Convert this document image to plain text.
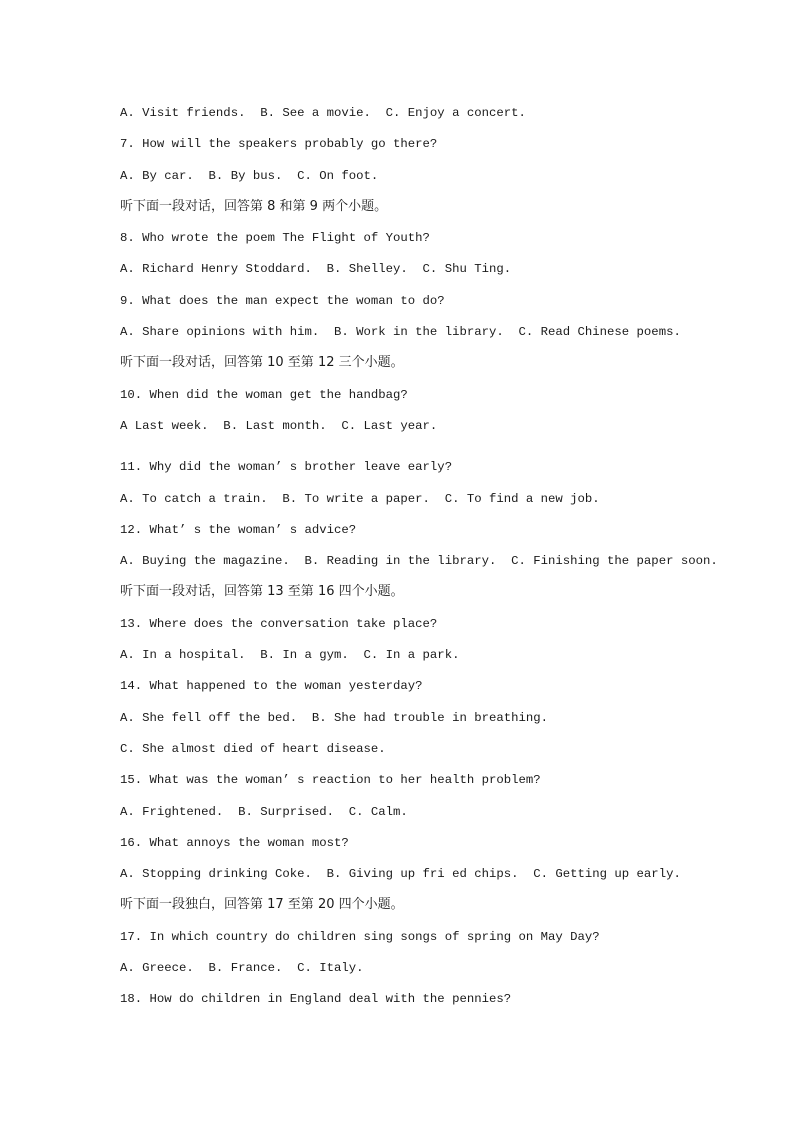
A. Visit friends.  B. See a movie.  C. Enjoy a concert.
7. How will the speakers probably go there?
A. By car.  B. By bus.  C. On foot.
听下面一段对话，回答第 8 和第 9 两个小题。
8. Who wrote the poem The Flight of Youth?
A. Richard Henry Stoddard.  B. Shelley.  C. Shu Ting.
9. What does the man expect the woman to do?
A. Share opinions with him.  B. Work in the library.  C. Read Chinese poems.
听下面一段对话，回答第 10 至第 12 三个小题。
10. When did the woman get the handbag?
A Last week.  B. Last month.  C. Last year.
11. Why did the woman’ s brother leave early?
A. To catch a train.  B. To write a paper.  C. To find a new job.
12. What’ s the woman’ s advice?
A. Buying the magazine.  B. Reading in the library.  C. Finishing the paper soon.
听下面一段对话，回答第 13 至第 16 四个小题。
13. Where does the conversation take place?
A. In a hospital.  B. In a gym.  C. In a park.
14. What happened to the woman yesterday?
A. She fell off the bed.  B. She had trouble in breathing.
C. She almost died of heart disease.
15. What was the woman’ s reaction to her health problem?
A. Frightened.  B. Surprised.  C. Calm.
16. What annoys the woman most?
A. Stopping drinking Coke.  B. Giving up fri ed chips.  C. Getting up early.
听下面一段独白，回答第 17 至第 20 四个小题。
17. In which country do children sing songs of spring on May Day?
A. Greece.  B. France.  C. Italy.
18. How do children in England deal with the pennies?
